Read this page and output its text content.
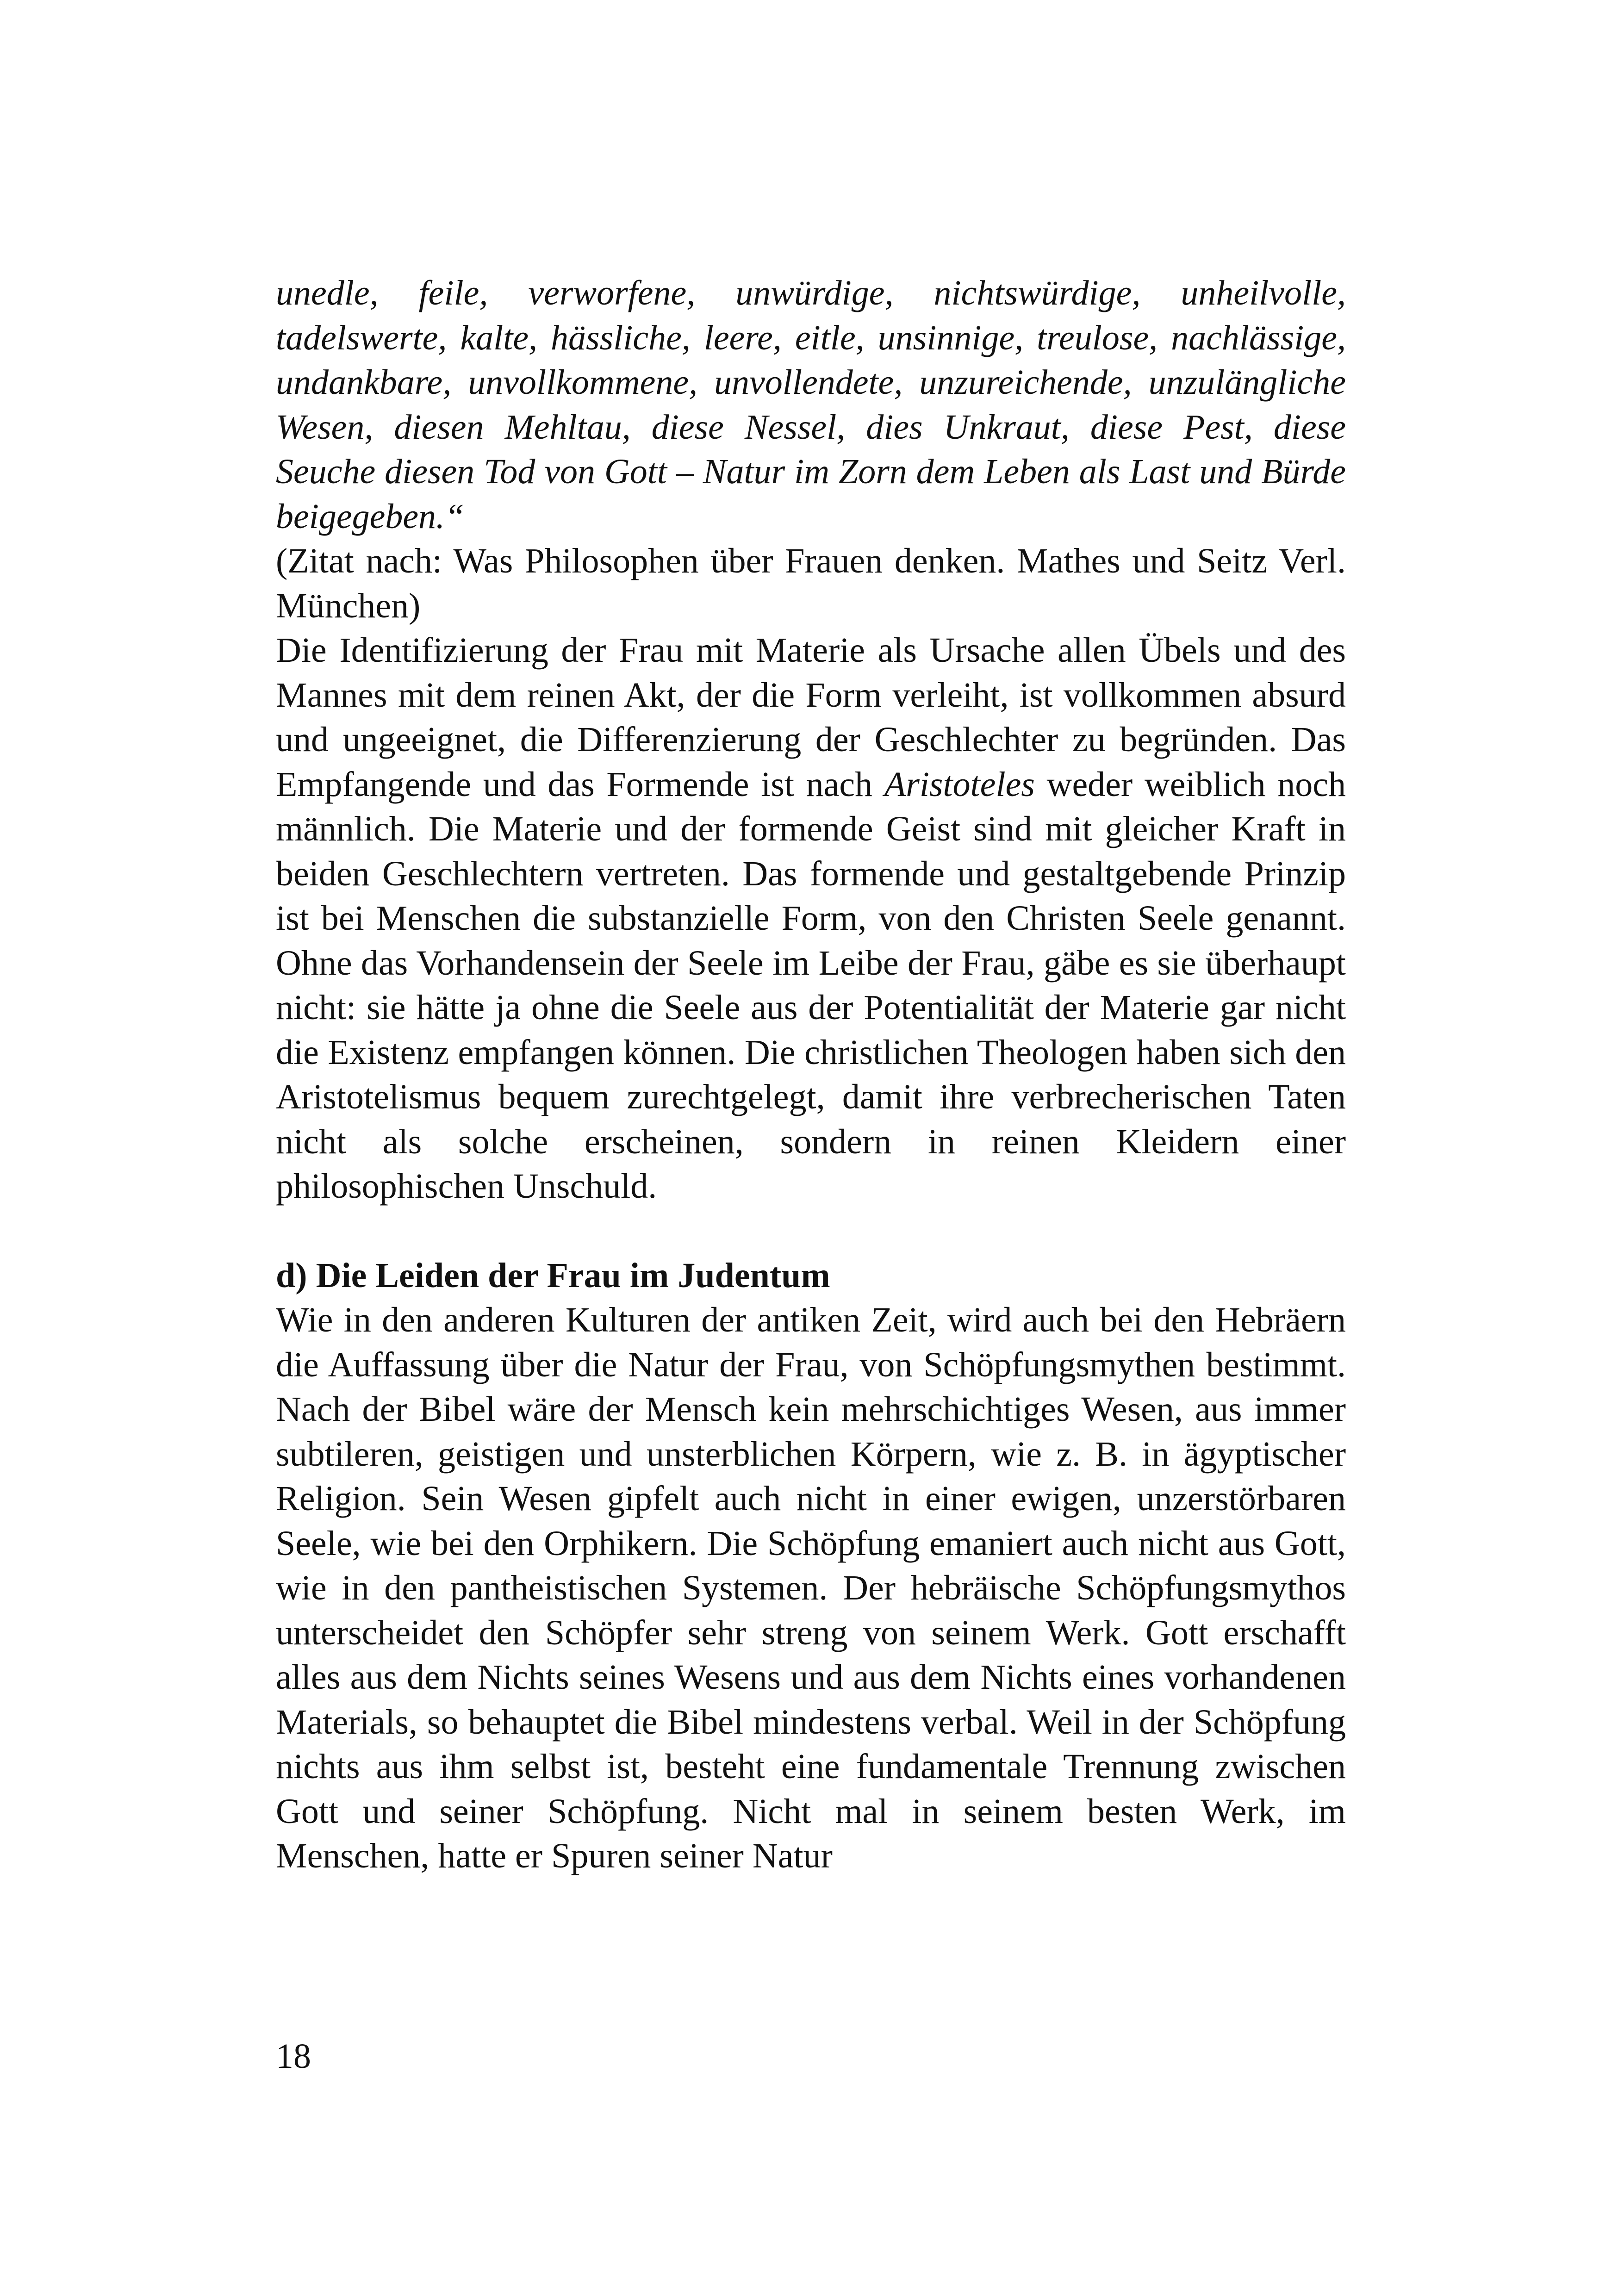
unedle, feile, verworfene, unwürdige, nichtswürdige, unheilvolle, tadelswerte, kalte, hässliche, leere, eitle, unsinnige, treulose, nachlässige, undankbare, unvollkommene, unvollendete, unzureichende, unzulängliche Wesen, diesen Mehltau, diese Nessel, dies Unkraut, diese Pest, diese Seuche diesen Tod von Gott – Natur im Zorn dem Leben als Last und Bürde beigegeben.“

(Zitat nach: Was Philosophen über Frauen denken. Mathes und Seitz Verl. München)

Die Identifizierung der Frau mit Materie als Ursache allen Übels und des Mannes mit dem reinen Akt, der die Form verleiht, ist vollkommen absurd und ungeeignet, die Differenzierung der Geschlechter zu begründen. Das Empfangende und das Formende ist nach Aristoteles weder weiblich noch männlich. Die Materie und der formende Geist sind mit gleicher Kraft in beiden Geschlechtern vertreten. Das formende und gestaltgebende Prinzip ist bei Menschen die substanzielle Form, von den Christen Seele genannt. Ohne das Vorhandensein der Seele im Leibe der Frau, gäbe es sie überhaupt nicht: sie hätte ja ohne die Seele aus der Potentialität der Materie gar nicht die Existenz empfangen können. Die christlichen Theologen haben sich den Aristotelismus bequem zurechtgelegt, damit ihre verbrecherischen Taten nicht als solche erscheinen, sondern in reinen Kleidern einer philosophischen Unschuld.

d) Die Leiden der Frau im Judentum

Wie in den anderen Kulturen der antiken Zeit, wird auch bei den Hebräern die Auffassung über die Natur der Frau, von Schöpfungsmythen bestimmt. Nach der Bibel wäre der Mensch kein mehrschichtiges Wesen, aus immer subtileren, geistigen und unsterblichen Körpern, wie z. B. in ägyptischer Religion. Sein Wesen gipfelt auch nicht in einer ewigen, unzerstörbaren Seele, wie bei den Orphikern. Die Schöpfung emaniert auch nicht aus Gott, wie in den pantheistischen Systemen. Der hebräische Schöpfungsmythos unterscheidet den Schöpfer sehr streng von seinem Werk. Gott erschafft alles aus dem Nichts seines Wesens und aus dem Nichts eines vorhandenen Materials, so behauptet die Bibel mindestens verbal. Weil in der Schöpfung nichts aus ihm selbst ist, besteht eine fundamentale Trennung zwischen Gott und seiner Schöpfung. Nicht mal in seinem besten Werk, im Menschen, hatte er Spuren seiner Natur

18
